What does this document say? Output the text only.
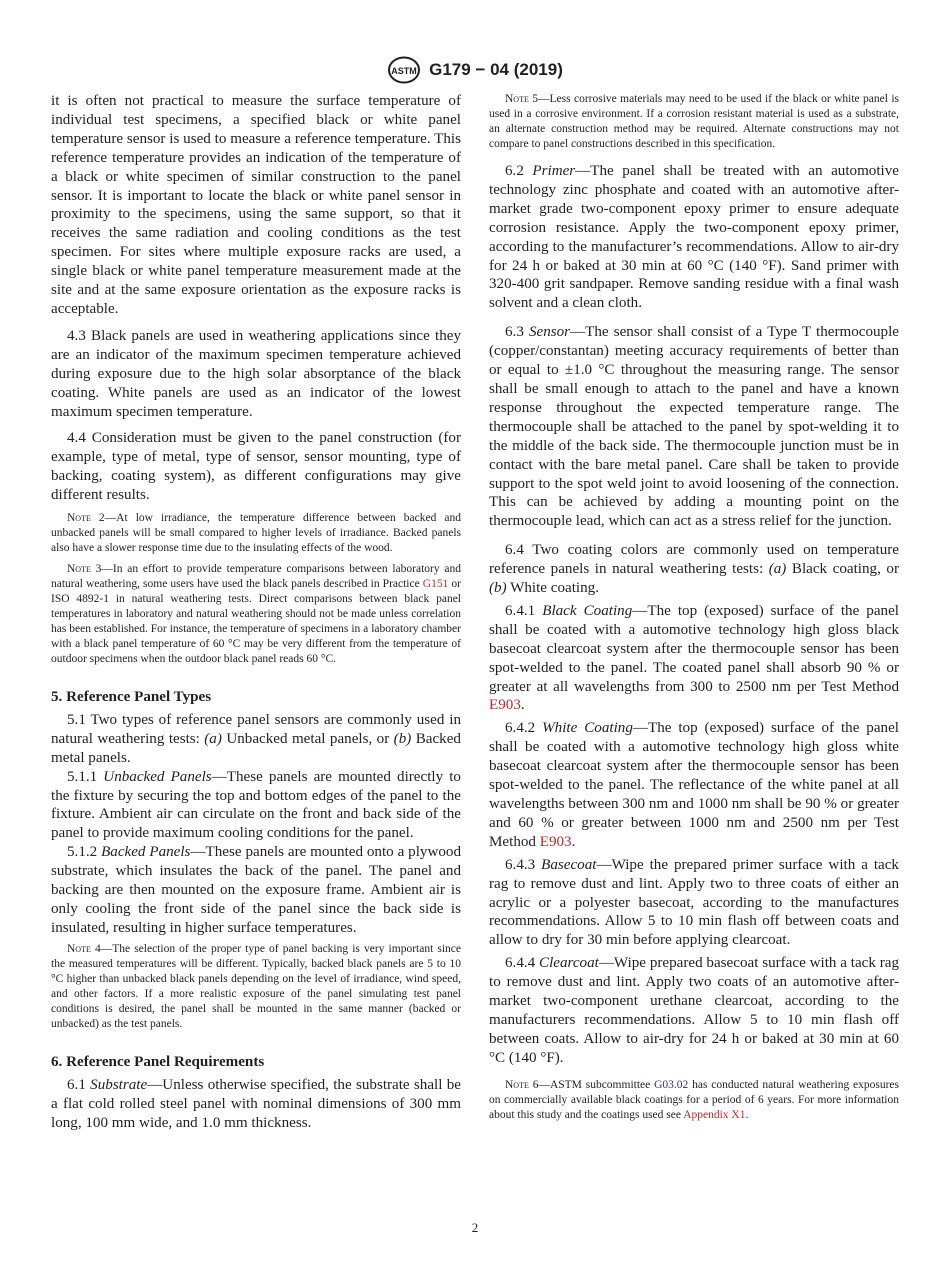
ASTM G179 − 04 (2019)

it is often not practical to measure the surface temperature of individual test specimens, a specified black or white panel temperature sensor is used to measure a reference temperature. This reference temperature provides an indication of the temperature of a black or white specimen of similar construction to the panel sensor. It is important to locate the black or white panel sensor in proximity to the specimens, using the same support, so that it receives the same radiation and cooling conditions as the test specimen. For sites where multiple exposure racks are used, a single black or white panel temperature measurement made at the site and at the same exposure orientation as the exposure racks is acceptable.

4.3 Black panels are used in weathering applications since they are an indicator of the maximum specimen temperature achieved during exposure due to the high solar absorptance of the black coating. White panels are used as an indicator of the lowest maximum specimen temperature.

4.4 Consideration must be given to the panel construction (for example, type of metal, type of sensor, sensor mounting, type of backing, coating system), as different configurations may give different results.

Note 2—At low irradiance, the temperature difference between backed and unbacked panels will be small compared to higher levels of irradiance. Backed panels also have a slower response time due to the insulating effects of the wood.

Note 3—In an effort to provide temperature comparisons between laboratory and natural weathering, some users have used the black panels described in Practice G151 or ISO 4892-1 in natural weathering tests. Direct comparisons between black panel temperatures in laboratory and natural weathering should not be made unless correlation has been established. For instance, the temperature of specimens in a laboratory chamber with a black panel temperature of 60 °C may be very different from the temperature of outdoor specimens when the outdoor black panel reads 60 °C.

5. Reference Panel Types

5.1 Two types of reference panel sensors are commonly used in natural weathering tests: (a) Unbacked metal panels, or (b) Backed metal panels.

5.1.1 Unbacked Panels—These panels are mounted directly to the fixture by securing the top and bottom edges of the panel to the fixture. Ambient air can circulate on the front and back side of the panel to provide maximum cooling conditions for the panel.

5.1.2 Backed Panels—These panels are mounted onto a plywood substrate, which insulates the back of the panel. The panel and backing are then mounted on the exposure frame. Ambient air is only cooling the front side of the panel since the back side is insulated, resulting in higher surface temperatures.

Note 4—The selection of the proper type of panel backing is very important since the measured temperatures will be different. Typically, backed black panels are 5 to 10 °C higher than unbacked black panels depending on the level of irradiance, wind speed, and other factors. If a more realistic exposure of the panel simulating test panel conditions is desired, the panel shall be mounted in the same manner (backed or unbacked) as the test panels.

6. Reference Panel Requirements

6.1 Substrate—Unless otherwise specified, the substrate shall be a flat cold rolled steel panel with nominal dimensions of 300 mm long, 100 mm wide, and 1.0 mm thickness.

Note 5—Less corrosive materials may need to be used if the black or white panel is used in a corrosive environment. If a corrosion resistant material is used as a substrate, an alternate construction method may be required. Alternate constructions may not compare to panel constructions described in this specification.

6.2 Primer—The panel shall be treated with an automotive technology zinc phosphate and coated with an automotive after-market grade two-component epoxy primer to ensure adequate corrosion resistance. Apply the two-component epoxy primer, according to the manufacturer’s recommendations. Allow to air-dry for 24 h or baked at 30 min at 60 °C (140 °F). Sand primer with 320-400 grit sandpaper. Remove sanding residue with a final wash solvent and a clean cloth.

6.3 Sensor—The sensor shall consist of a Type T thermocouple (copper/constantan) meeting accuracy requirements of better than or equal to ±1.0 °C throughout the measuring range. The sensor shall be small enough to attach to the panel and have a known response throughout the expected temperature range. The thermocouple shall be attached to the panel by spot-welding it to the middle of the back side. The thermocouple junction must be in contact with the bare metal panel. Care shall be taken to provide support to the spot weld joint to avoid loosening of the connection. This can be achieved by adding a mounting point on the thermocouple lead, which can act as a stress relief for the junction.

6.4 Two coating colors are commonly used on temperature reference panels in natural weathering tests: (a) Black coating, or (b) White coating.

6.4.1 Black Coating—The top (exposed) surface of the panel shall be coated with a automotive technology high gloss black basecoat clearcoat system after the thermocouple sensor has been spot-welded to the panel. The coated panel shall absorb 90 % or greater at all wavelengths from 300 to 2500 nm per Test Method E903.

6.4.2 White Coating—The top (exposed) surface of the panel shall be coated with a automotive technology high gloss white basecoat clearcoat system after the thermocouple sensor has been spot-welded to the panel. The reflectance of the white panel at all wavelengths between 300 nm and 1000 nm shall be 90 % or greater and 60 % or greater between 1000 nm and 2500 nm per Test Method E903.

6.4.3 Basecoat—Wipe the prepared primer surface with a tack rag to remove dust and lint. Apply two to three coats of either an acrylic or a polyester basecoat, according to the manufactures recommendations. Allow 5 to 10 min flash off between coats and allow to dry for 30 min before applying clearcoat.

6.4.4 Clearcoat—Wipe prepared basecoat surface with a tack rag to remove dust and lint. Apply two coats of an automotive after-market two-component urethane clearcoat, according to the manufacturers recommendations. Allow 5 to 10 min flash off between coats. Allow to air-dry for 24 h or baked at 30 min at 60 °C (140 °F).

Note 6—ASTM subcommittee G03.02 has conducted natural weathering exposures on commercially available black coatings for a period of 6 years. For more information about this study and the coatings used see Appendix X1.

2
